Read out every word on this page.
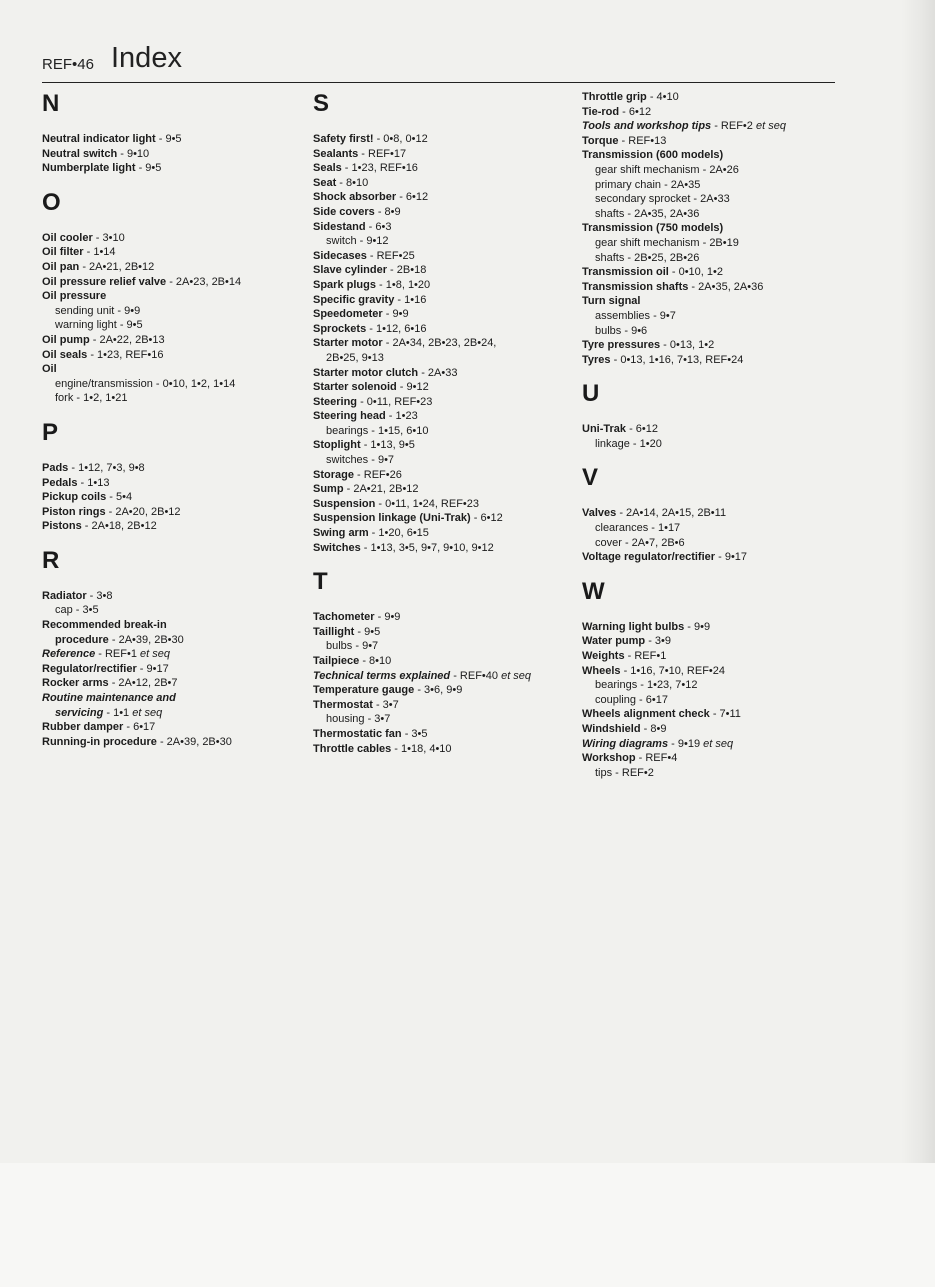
REF•46 Index
N
Neutral indicator light - 9•5
Neutral switch - 9•10
Numberplate light - 9•5
O
Oil cooler - 3•10
Oil filter - 1•14
Oil pan - 2A•21, 2B•12
Oil pressure relief valve - 2A•23, 2B•14
Oil pressure
sending unit - 9•9
warning light - 9•5
Oil pump - 2A•22, 2B•13
Oil seals - 1•23, REF•16
Oil
engine/transmission - 0•10, 1•2, 1•14
fork - 1•2, 1•21
P
Pads - 1•12, 7•3, 9•8
Pedals - 1•13
Pickup coils - 5•4
Piston rings - 2A•20, 2B•12
Pistons - 2A•18, 2B•12
R
Radiator - 3•8
cap - 3•5
Recommended break-in
procedure - 2A•39, 2B•30
Reference - REF•1 et seq
Regulator/rectifier - 9•17
Rocker arms - 2A•12, 2B•7
Routine maintenance and
servicing - 1•1 et seq
Rubber damper - 6•17
Running-in procedure - 2A•39, 2B•30
S
Safety first! - 0•8, 0•12
Sealants - REF•17
Seals - 1•23, REF•16
Seat - 8•10
Shock absorber - 6•12
Side covers - 8•9
Sidestand - 6•3
switch - 9•12
Sidecases - REF•25
Slave cylinder - 2B•18
Spark plugs - 1•8, 1•20
Specific gravity - 1•16
Speedometer - 9•9
Sprockets - 1•12, 6•16
Starter motor - 2A•34, 2B•23, 2B•24,
2B•25, 9•13
Starter motor clutch - 2A•33
Starter solenoid - 9•12
Steering - 0•11, REF•23
Steering head - 1•23
bearings - 1•15, 6•10
Stoplight - 1•13, 9•5
switches - 9•7
Storage - REF•26
Sump - 2A•21, 2B•12
Suspension - 0•11, 1•24, REF•23
Suspension linkage (Uni-Trak) - 6•12
Swing arm - 1•20, 6•15
Switches - 1•13, 3•5, 9•7, 9•10, 9•12
T
Tachometer - 9•9
Taillight - 9•5
bulbs - 9•7
Tailpiece - 8•10
Technical terms explained - REF•40 et seq
Temperature gauge - 3•6, 9•9
Thermostat - 3•7
housing - 3•7
Thermostatic fan - 3•5
Throttle cables - 1•18, 4•10
Throttle grip - 4•10
Tie-rod - 6•12
Tools and workshop tips - REF•2 et seq
Torque - REF•13
Transmission (600 models)
gear shift mechanism - 2A•26
primary chain - 2A•35
secondary sprocket - 2A•33
shafts - 2A•35, 2A•36
Transmission (750 models)
gear shift mechanism - 2B•19
shafts - 2B•25, 2B•26
Transmission oil - 0•10, 1•2
Transmission shafts - 2A•35, 2A•36
Turn signal
assemblies - 9•7
bulbs - 9•6
Tyre pressures - 0•13, 1•2
Tyres - 0•13, 1•16, 7•13, REF•24
U
Uni-Trak - 6•12
linkage - 1•20
V
Valves - 2A•14, 2A•15, 2B•11
clearances - 1•17
cover - 2A•7, 2B•6
Voltage regulator/rectifier - 9•17
W
Warning light bulbs - 9•9
Water pump - 3•9
Weights - REF•1
Wheels - 1•16, 7•10, REF•24
bearings - 1•23, 7•12
coupling - 6•17
Wheels alignment check - 7•11
Windshield - 8•9
Wiring diagrams - 9•19 et seq
Workshop - REF•4
tips - REF•2
